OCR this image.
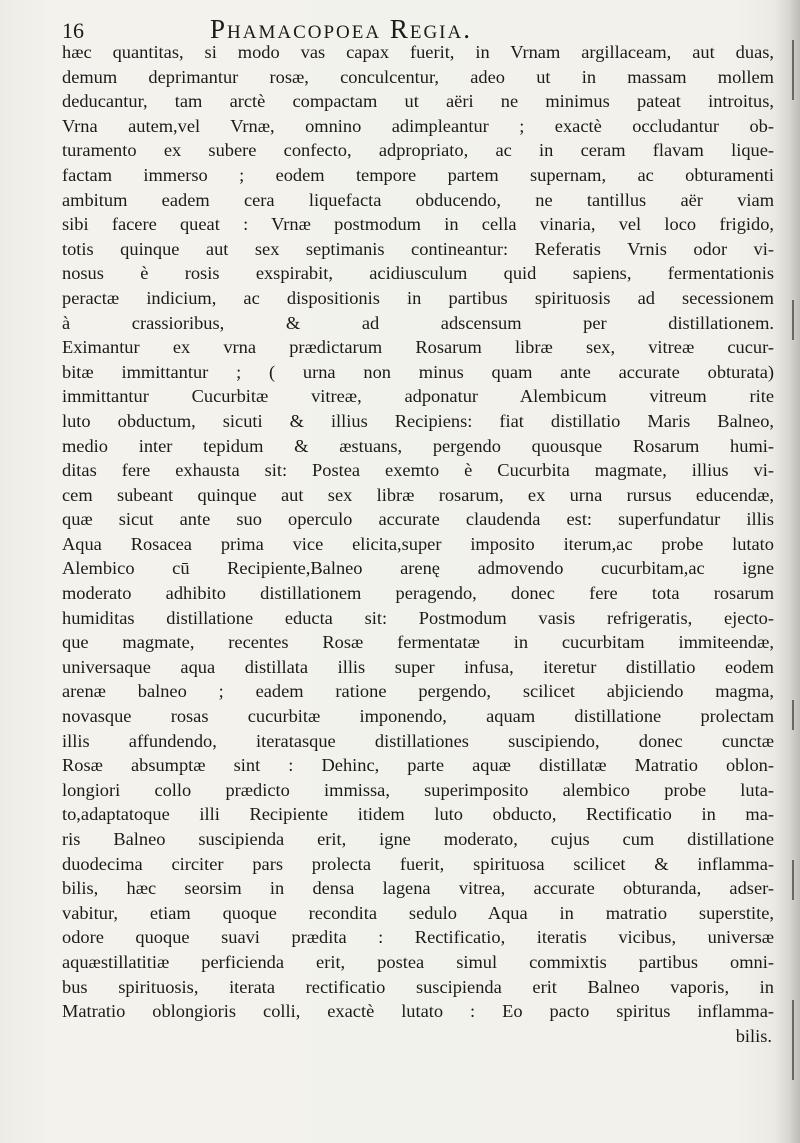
16	Phamacopoea Regia.
hæc quantitas, si modo vas capax fuerit, in Vrnam argillaceam, aut duas,
demum deprimantur rosæ, conculcentur, adeo ut in massam mollem
deducantur, tam arctè compactam ut aëri ne minimus pateat introitus,
Vrna autem,vel Vrnæ, omnino adimpleantur ; exactè occludantur ob-
turamento ex subere confecto, adpropriato, ac in ceram flavam lique-
factam immerso ; eodem tempore partem supernam, ac obturamenti
ambitum eadem cera liquefacta obducendo, ne tantillus aër viam
sibi facere queat : Vrnæ postmodum in cella vinaria, vel loco frigido,
totis quinque aut sex septimanis contineantur: Referatis Vrnis odor vi-
nosus è rosis exspirabit, acidiusculum quid sapiens, fermentationis
peractæ indicium, ac dispositionis in partibus spirituosis ad secessionem
à crassioribus, & ad adscensum per distillationem.
Eximantur ex vrna prædictarum Rosarum libræ sex, vitreæ cucur-
bitæ immittantur ; ( urna non minus quam ante accurate obturata)
immittantur Cucurbitæ vitreæ, adponatur Alembicum vitreum rite
luto obductum, sicuti & illius Recipiens: fiat distillatio Maris Balneo,
medio inter tepidum & æstuans, pergendo quousque Rosarum humi-
ditas fere exhausta sit: Postea exemto è Cucurbita magmate, illius vi-
cem subeant quinque aut sex libræ rosarum, ex urna rursus educendæ,
quæ sicut ante suo operculo accurate claudenda est: superfundatur illis
Aqua Rosacea prima vice elicita,super imposito iterum,ac probe lutato
Alembico cū Recipiente,Balneo arenę admovendo cucurbitam,ac igne
moderato adhibito distillationem peragendo, donec fere tota rosarum
humiditas distillatione educta sit: Postmodum vasis refrigeratis, ejecto-
que magmate, recentes Rosæ fermentatæ in cucurbitam immiteendæ,
universaque aqua distillata illis super infusa, iteretur distillatio eodem
arenæ balneo ; eadem ratione pergendo, scilicet abjiciendo magma,
novasque rosas cucurbitæ imponendo, aquam distillatione prolectam
illis affundendo, iteratasque distillationes suscipiendo, donec cunctæ
Rosæ absumptæ sint : Dehinc, parte aquæ distillatæ Matratio oblon-
longiori collo prædicto immissa, superimposito alembico probe luta-
to,adaptatoque illi Recipiente itidem luto obducto, Rectificatio in ma-
ris Balneo suscipienda erit, igne moderato, cujus cum distillatione
duodecima circiter pars prolecta fuerit, spirituosa scilicet & inflamma-
bilis, hæc seorsim in densa lagena vitrea, accurate obturanda, adser-
vabitur, etiam quoque recondita sedulo Aqua in matratio superstite,
odore quoque suavi prædita : Rectificatio, iteratis vicibus, universæ
aquæstillatitiæ perficienda erit, postea simul commixtis partibus omni-
bus spirituosis, iterata rectificatio suscipienda erit Balneo vaporis, in
Matratio oblongioris colli, exactè lutato : Eo pacto spiritus inflamma-
bilis.
